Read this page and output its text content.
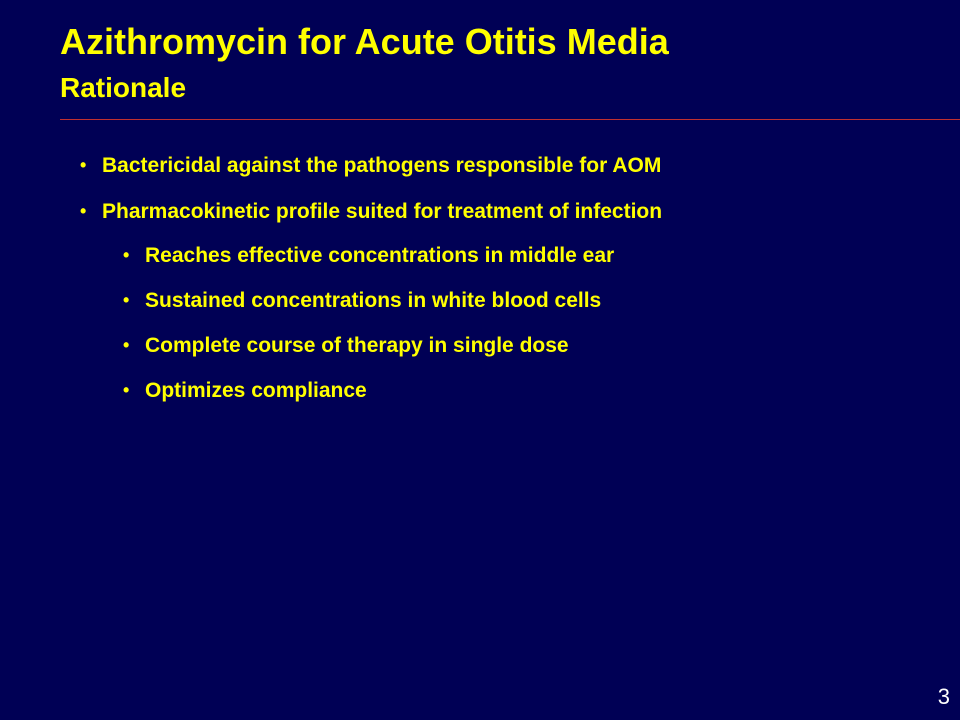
Azithromycin for Acute Otitis Media
Rationale
• Bactericidal against the pathogens responsible for AOM
• Pharmacokinetic profile suited for treatment of infection
• Reaches effective concentrations in middle ear
• Sustained concentrations in white blood cells
• Complete course of therapy in single dose
• Optimizes compliance
3
